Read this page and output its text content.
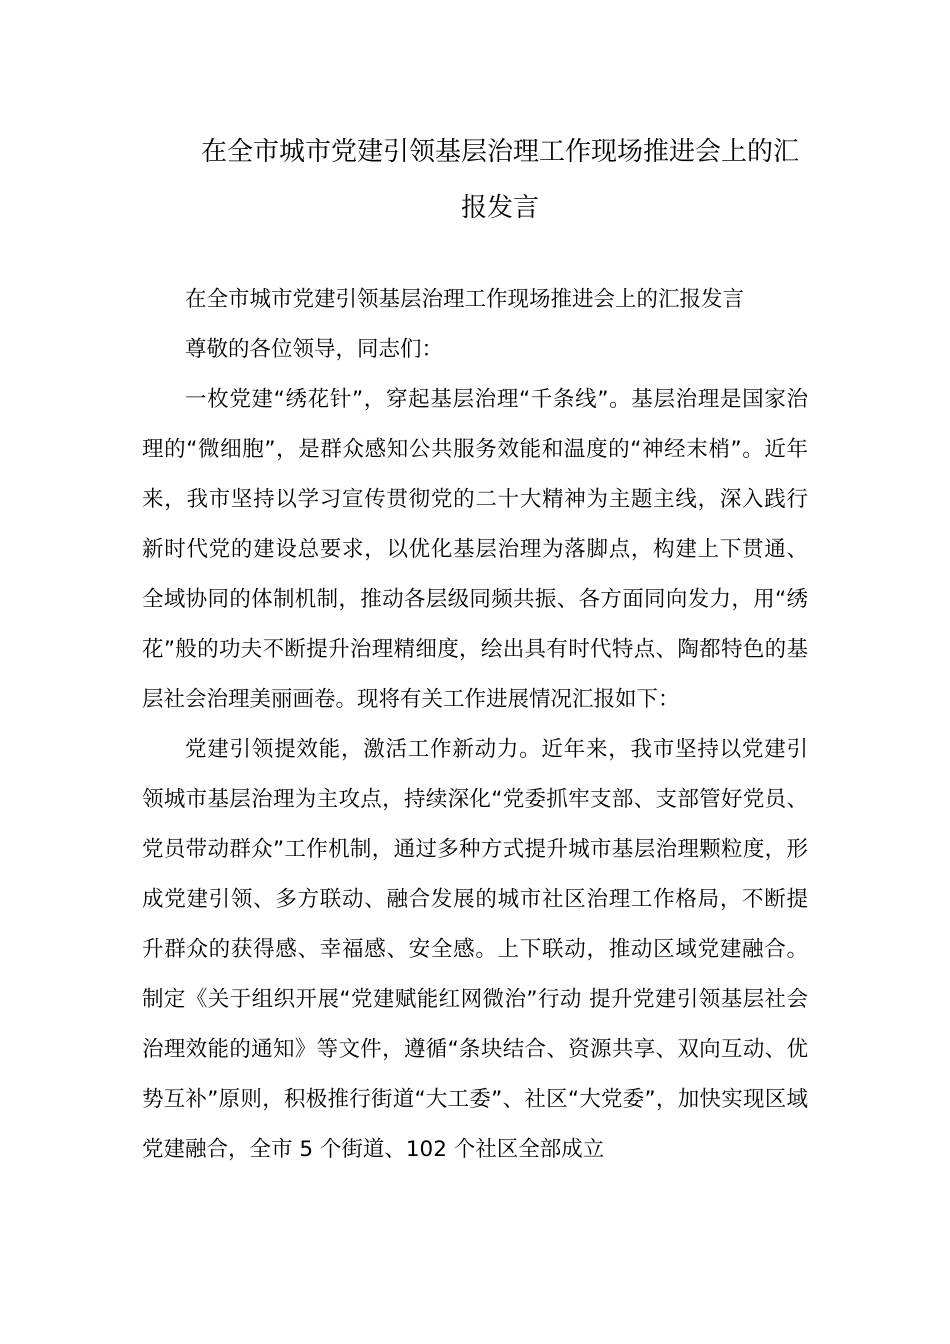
在全市城市党建引领基层治理工作现场推进会上的汇报发言

在全市城市党建引领基层治理工作现场推进会上的汇报发言

尊敬的各位领导，同志们：

一枚党建“绣花针”，穿起基层治理“千条线”。基层治理是国家治理的“微细胞”，是群众感知公共服务效能和温度的“神经末梢”。近年来，我市坚持以学习宣传贯彻党的二十大精神为主题主线，深入践行新时代党的建设总要求，以优化基层治理为落脚点，构建上下贯通、全域协同的体制机制，推动各层级同频共振、各方面同向发力，用“绣花”般的功夫不断提升治理精细度，绘出具有时代特点、陶都特色的基层社会治理美丽画卷。现将有关工作进展情况汇报如下：

党建引领提效能，激活工作新动力。近年来，我市坚持以党建引领城市基层治理为主攻点，持续深化“党委抓牢支部、支部管好党员、党员带动群众”工作机制，通过多种方式提升城市基层治理颗粒度，形成党建引领、多方联动、融合发展的城市社区治理工作格局，不断提升群众的获得感、幸福感、安全感。上下联动，推动区域党建融合。制定《关于组织开展“党建赋能红网微治”行动 提升党建引领基层社会治理效能的通知》等文件，遵循“条块结合、资源共享、双向互动、优势互补”原则，积极推行街道“大工委”、社区“大党委”，加快实现区域党建融合，全市 5 个街道、102 个社区全部成立
